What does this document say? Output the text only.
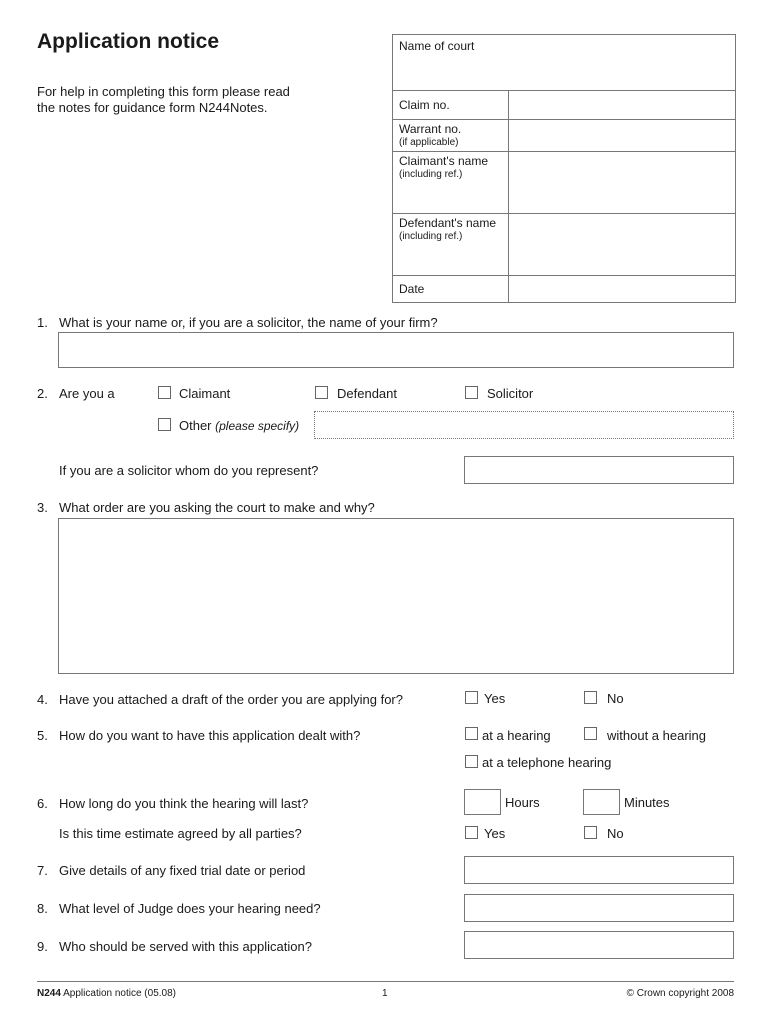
Application notice
For help in completing this form please read
the notes for guidance form N244Notes.
Name of court
Claim no.
Warrant no.
(if applicable)
Claimant's name
(including ref.)
Defendant's name
(including ref.)
Date
1. What is your name or, if you are a solicitor, the name of your firm?
2. Are you a	Claimant	Defendant	Solicitor
Other (please specify)
If you are a solicitor whom do you represent?
3. What order are you asking the court to make and why?
4. Have you attached a draft of the order you are applying for?	Yes	No
5. How do you want to have this application dealt with?	at a hearing	without a hearing
at a telephone hearing
6. How long do you think the hearing will last?	Hours	Minutes
Is this time estimate agreed by all parties?	Yes	No
7. Give details of any fixed trial date or period
8. What level of Judge does your hearing need?
9. Who should be served with this application?
N244 Application notice (05.08)	1	© Crown copyright 2008
